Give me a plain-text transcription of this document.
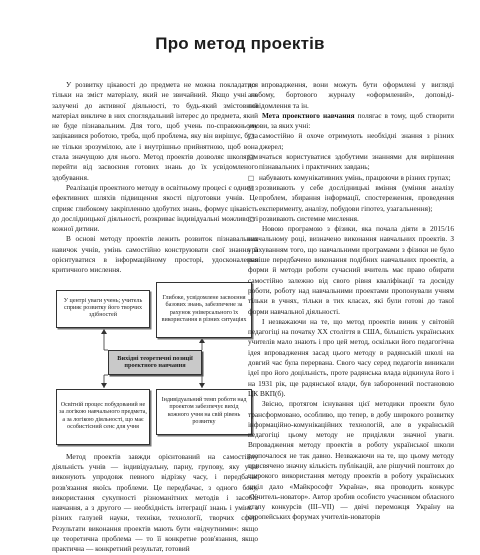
Про метод проектів

У розвитку цікавості до предмета не можна покладатися тільки на зміст матеріалу, який не звичайний. Якщо учні не залучені до активної діяльності, то будь-який змістовний матеріал викличе в них споглядальний інтерес до предмета, який не буде пізнавальним. Для того, щоб учень по-справжньому зацікавився роботою, треба, щоб проблема, яку він вирішує, була не тільки зрозумілою, але і внутрішньо прийнятною, щоб вона стала значущою для нього. Метод проектів дозволяє школярам перейти від засвоєння готових знань до їх усвідомленого здобування.

Реалізація проектного методу в освітньому процесі є одним з ефективних шляхів підвищення якості підготовки учнів. Це сприяє глибокому закріпленню здобутих знань, формує цікавість до дослідницької діяльності, розкриває індивідуальні можливості кожної дитини.

В основі методу проектів лежить розвиток пізнавальних навичок учнів, умінь самостійно конструювати свої знання й орієнтуватися в інформаційному просторі, удосконалення критичного мислення.

У центрі уваги учень; учитель сприяє розвитку його творчих здібностей
Глибоке, усвідомлене засвоєння базових знань, забезпечене за рахунок універсального їх використання в різних ситуаціях
Вихідні теоретичні позиції проектного навчання
Освітній процес побудований не за логікою навчального предмета, а за логікою діяльності, що має особистісний сенс для учня
Індивідуальний темп роботи над проектом забезпечує вихід кожного учня на свій рівень розвитку

Метод проектів завжди орієнтований на самостійну діяльність учнів — індивідуальну, парну, групову, яку учні виконують упродовж певного відрізку часу, і передбачає розв'язання якоїсь проблеми. Це передбачає, з одного боку, використання сукупності різноманітних методів і засобів навчання, а з другого — необхідність інтеграції знань і умінь з різних галузей науки, техніки, технології, творчих сфер. Результати виконання проектів мають бути «відчутними»: якщо це теоретична проблема — то її конкретне розв'язання, якщо практична — конкретний результат, готовий

до впровадження, вони можуть бути оформлені у вигляді альбому, бортового журналу «оформлений», доповіді-повідомлення та ін.

Мета проектного навчання полягає в тому, щоб створити умови, за яких учні:

□ самостійно й охоче отримують необхідні знання з різних джерел;
□ вчаться користуватися здобутими знаннями для вирішення пізнавальних і практичних завдань;
□ набувають комунікативних умінь, працюючи в різних групах;
□ розвивають у себе дослідницькі вміння (уміння аналізу проблем, збирання інформації, спостереження, проведення експерименту, аналізу, побудови гіпотез, узагальнення);
□ розвивають системне мислення.

Новою програмою з фізики, яка почала діяти в 2015/16 навчальному році, визначено виконання навчальних проектів. З урахуванням того, що навчальними програмами з фізики не було раніше передбачено виконання подібних навчальних проектів, а форми й методи роботи сучасний вчитель має право обирати самостійно залежно від свого рівня кваліфікації та досвіду роботи, роботу над навчальними проектами пропонували учням тільки в учнях, тільки в тих класах, які були готові до такої форми навчальної діяльності.

І незважаючи на те, що метод проектів виник у світовій педагогіці на початку XX століття в США, більшість українських учителів мало знають і про цей метод, оскільки його педагогічна ідея впровадження засад цього методу в радянській школі на довгий час була перервана. Свого часу серед педагогів виникали ідеї про його доцільність, проте радянська влада відкинула його і на 1931 рік, ще радянської влади, був заборонений постановою ЦК ВКП(б).

Звісно, протягом існування цієї методики проекти було трансформовано, особливо, що тепер, в добу широкого розвитку інформаційно-комунікаційних технологій, але в українській педагогіці цьому методу не приділяли значної уваги. Впровадження методу проектів в роботу української школи розпочалося не так давно. Незважаючи на те, що цьому методу присвячено значну кількість публікацій, але рішучий поштовх до широкого використання методу проектів в роботу українських шкіл дало «Майкрософт Україна», яка проводить конкурс «Учитель-новатор». Автор зробив особисто учасником обласного етапу конкурсів (ІІІ–VII) — двічі переможця Україну на європейських форумах учителів-новаторів
